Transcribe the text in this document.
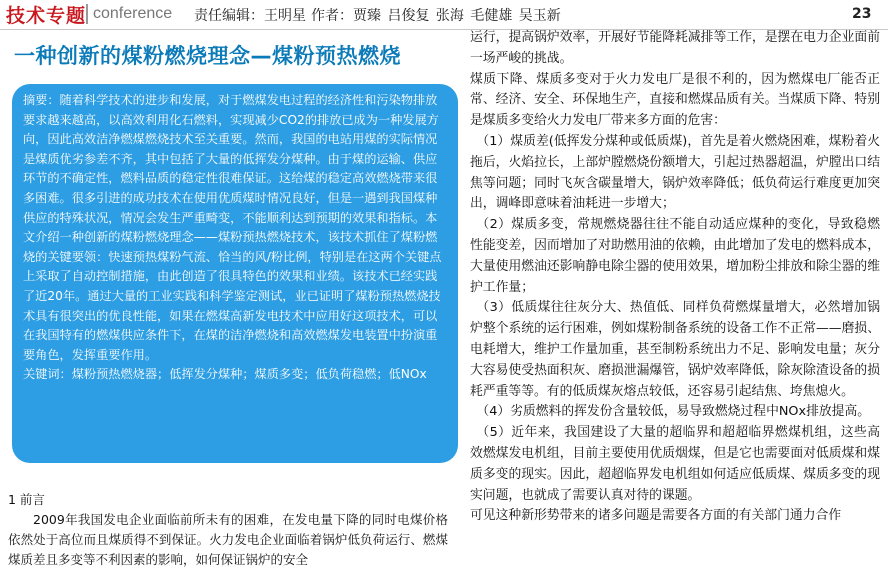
技术专题 conference 责任编辑：王明星 作者：贾臻 吕俊复 张海 毛健雄 吴玉新	23
一种创新的煤粉燃烧理念—煤粉预热燃烧

摘要：随着科学技术的进步和发展，对于燃煤发电过程的经济性和污染物排放要求越来越高，以高效利用化石燃料，实现减少CO2的排放已成为一种发展方向，因此高效洁净燃煤燃烧技术至关重要。然而，我国的电站用煤的实际情况是煤质优劣参差不齐，其中包括了大量的低挥发分煤种。由于煤的运输、供应环节的不确定性，燃料品质的稳定性很难保证。这给煤的稳定高效燃烧带来很多困难。很多引进的成功技术在使用优质煤时情况良好，但是一遇到我国煤种供应的特殊状况，情况会发生严重畸变，不能顺利达到预期的效果和指标。本文介绍一种创新的煤粉燃烧理念——煤粉预热燃烧技术，该技术抓住了煤粉燃烧的关键要领：快速预热煤粉气流、恰当的风/粉比例，特别是在这两个关键点上采取了自动控制措施，由此创造了很具特色的效果和业绩。该技术已经实践了近20年。通过大量的工业实践和科学鉴定测试，业已证明了煤粉预热燃烧技术具有很突出的优良性能，如果在燃煤高新发电技术中应用好这项技术，可以在我国特有的燃煤供应条件下，在煤的洁净燃烧和高效燃煤发电装置中扮演重要角色，发挥重要作用。

关键词：煤粉预热燃烧器；低挥发分煤种；煤质多变；低负荷稳燃；低NOx

1 前言

2009年我国发电企业面临前所未有的困难，在发电量下降的同时电煤价格依然处于高位而且煤质得不到保证。火力发电企业面临着锅炉低负荷运行、燃煤煤质差且多变等不利因素的影响，如何保证锅炉的安全

运行，提高锅炉效率，开展好节能降耗减排等工作，是摆在电力企业面前一场严峻的挑战。

煤质下降、煤质多变对于火力发电厂是很不利的，因为燃煤电厂能否正常、经济、安全、环保地生产，直接和燃煤品质有关。当煤质下降、特别是煤质多变给火力发电厂带来多方面的危害：

（1）煤质差(低挥发分煤种或低质煤)，首先是着火燃烧困难，煤粉着火拖后，火焰拉长，上部炉膛燃烧份额增大，引起过热器超温，炉膛出口结焦等问题；同时飞灰含碳量增大，锅炉效率降低；低负荷运行难度更加突出，调峰即意味着油耗进一步增大；

（2）煤质多变，常规燃烧器往往不能自动适应煤种的变化，导致稳燃性能变差，因而增加了对助燃用油的依赖，由此增加了发电的燃料成本，大量使用燃油还影响静电除尘器的使用效果，增加粉尘排放和除尘器的维护工作量；

（3）低质煤往往灰分大、热值低、同样负荷燃煤量增大，必然增加锅炉整个系统的运行困难，例如煤粉制备系统的设备工作不正常——磨损、电耗增大，维护工作量加重，甚至制粉系统出力不足、影响发电量；灰分大容易使受热面积灰、磨损泄漏爆管，锅炉效率降低，除灰除渣设备的损耗严重等等。有的低质煤灰熔点较低，还容易引起结焦、垮焦熄火。

（4）劣质燃料的挥发份含量较低，易导致燃烧过程中NOx排放提高。

（5）近年来，我国建设了大量的超临界和超超临界燃煤机组，这些高效燃煤发电机组，目前主要使用优质烟煤，但是它也需要面对低质煤和煤质多变的现实。因此，超超临界发电机组如何适应低质煤、煤质多变的现实问题，也就成了需要认真对待的课题。

可见这种新形势带来的诸多问题是需要各方面的有关部门通力合作
